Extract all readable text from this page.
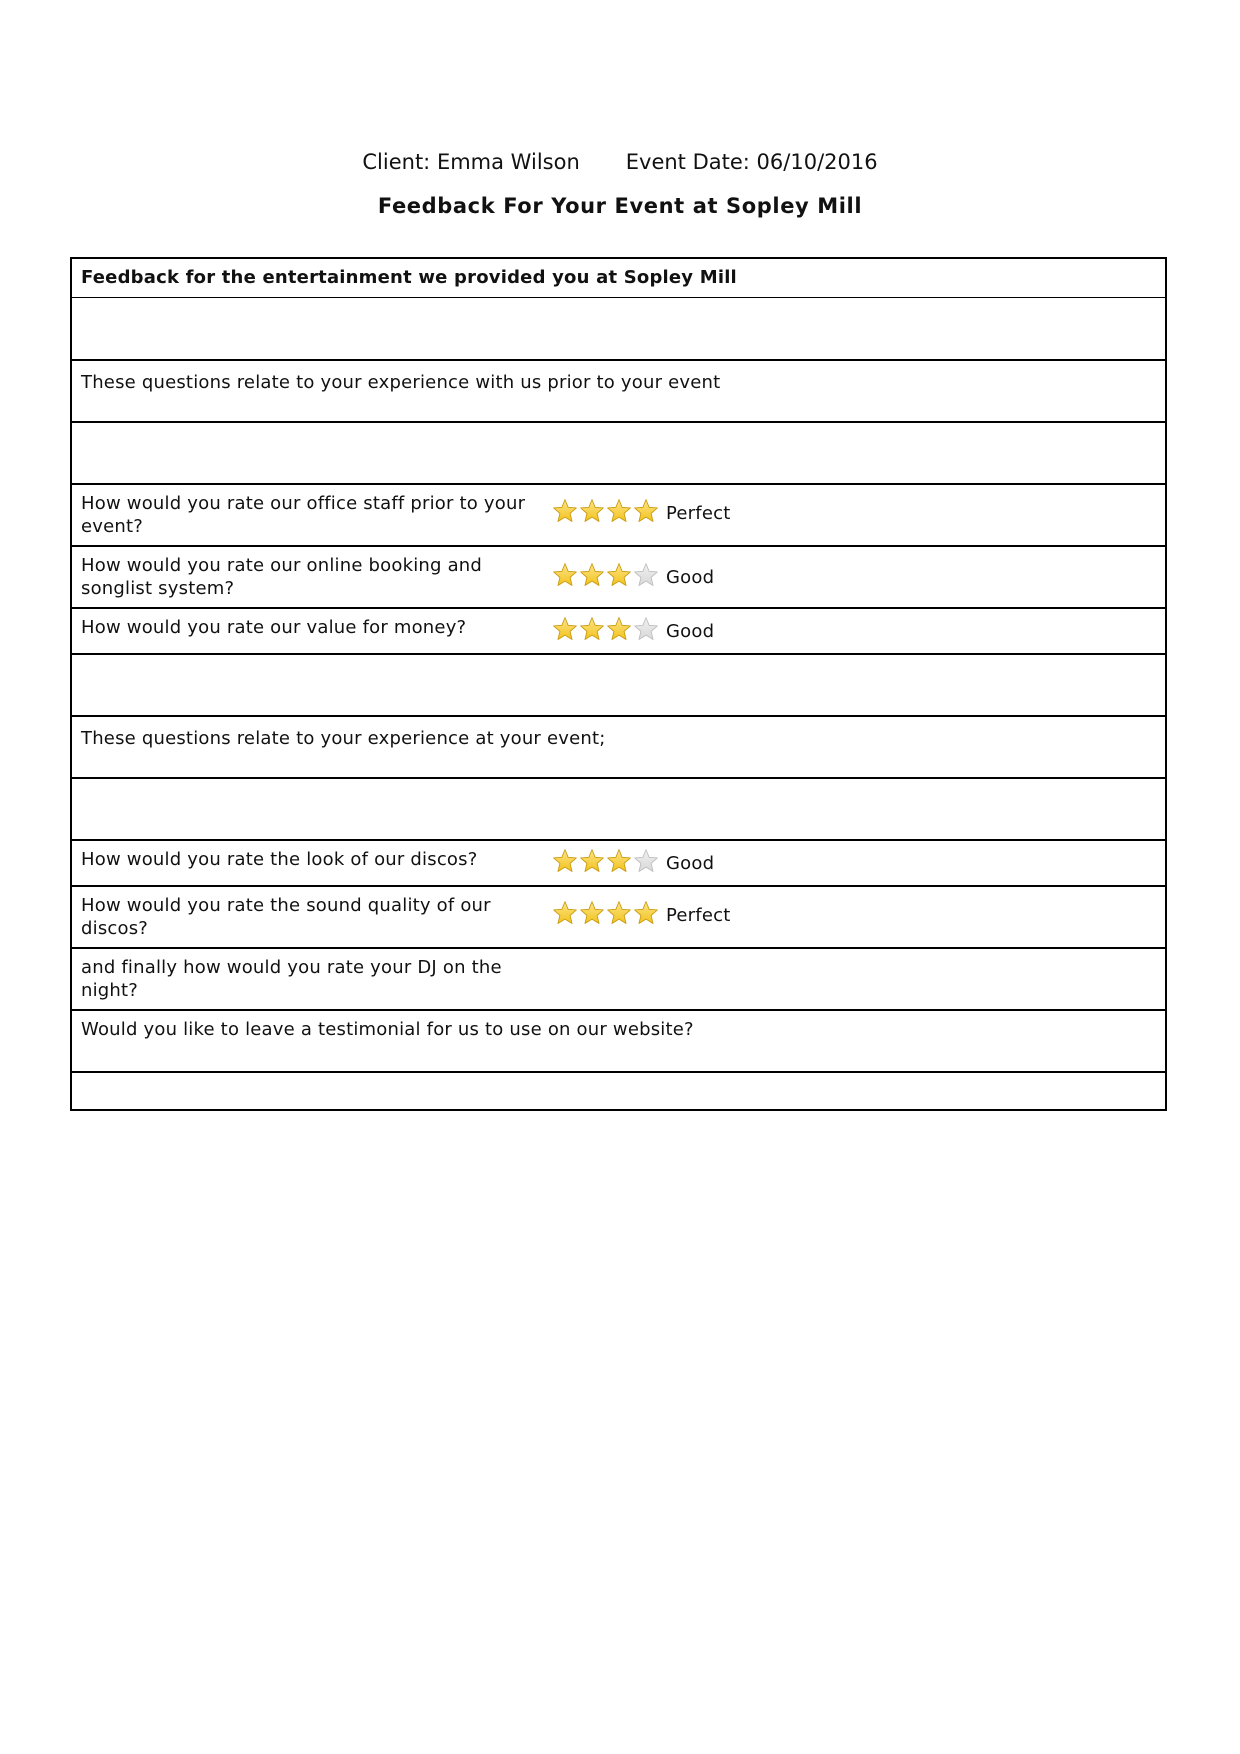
Client: Emma Wilson Event Date: 06/10/2016
Feedback For Your Event at Sopley Mill
Feedback for the entertainment we provided you at Sopley Mill
These questions relate to your experience with us prior to your event
How would you rate our office staff prior to your event?
Perfect
How would you rate our online booking and songlist system?
Good
How would you rate our value for money?	Good
These questions relate to your experience at your event;
How would you rate the look of our discos?	Good
How would you rate the sound quality of our discos?
Perfect
and finally how would you rate your DJ on the night?
Would you like to leave a testimonial for us to use on our website?
